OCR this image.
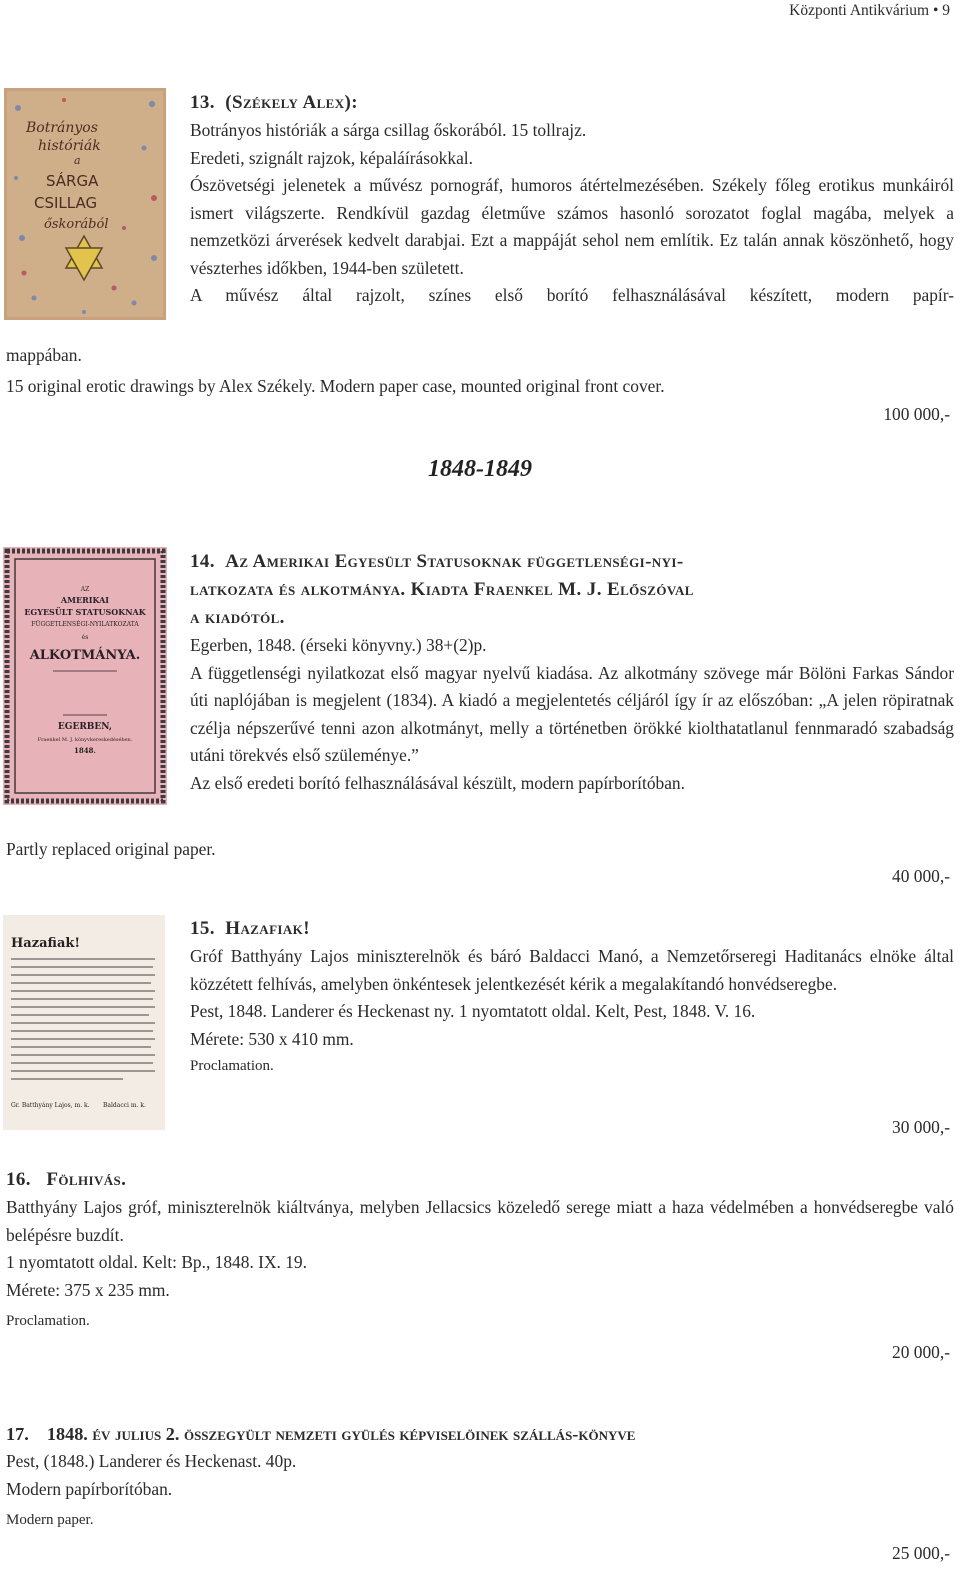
Központi Antikvárium • 9
Botrányos
históriák
a
SÁRGA
CSILLAG
őskorából

13. (Székely Alex):

Botrányos históriák a sárga csillag őskorából. 15 tollrajz.

Eredeti, szignált rajzok, képaláírásokkal.

Ószövetségi jelenetek a művész pornográf, humoros átértelmezésében. Székely főleg erotikus munkáiról ismert világszerte. Rendkívül gazdag életműve számos hasonló sorozatot foglal magába, melyek a nemzetközi árverések kedvelt darabjai. Ezt a mappáját sehol nem említik. Ez talán annak köszönhető, hogy vészterhes időkben, 1944-ben született.

A művész által rajzolt, színes első borító felhasználásával készített, modern papír-

mappában.
15 original erotic drawings by Alex Székely. Modern paper case, mounted original front cover.
100 000,-
1848-1849
AZ
AMERIKAI
EGYESÜLT STATUSOKNAK
FÜGGETLENSÉGI-NYILATKOZATA
és
ALKOTMÁNYA.
EGERBEN,
Fraenkel M. J. könyvkereskedésében.
1848.
14. Az Amerikai Egyesült Statusoknak függetlenségi-nyi-
latkozata és alkotmánya. Kiadta Fraenkel M. J. Előszóval
a kiadótól.

Egerben, 1848. (érseki könyvny.) 38+(2)p.

A függetlenségi nyilatkozat első magyar nyelvű kiadása. Az alkotmány szövege már Bölöni Farkas Sándor úti naplójában is megjelent (1834). A kiadó a megjelentetés céljáról így ír az előszóban: „A jelen röpiratnak czélja népszerűvé tenni azon alkotmányt, melly a történetben örökké kiolthatatlanul fennmaradó szabadság utáni törekvés első szüleménye.”

Az első eredeti borító felhasználásával készült, modern papírborítóban.

Partly replaced original paper.
40 000,-
Hazafiak!
Gr. Batthyány Lajos, m. k. Baldacci m. k.

15. Hazafiak!

Gróf Batthyány Lajos miniszterelnök és báró Baldacci Manó, a Nemzetőrseregi Haditanács elnöke által közzétett felhívás, amelyben önkéntesek jelentkezését kérik a megalakítandó honvédseregbe.

Pest, 1848. Landerer és Heckenast ny. 1 nyomtatott oldal. Kelt, Pest, 1848. V. 16.

Mérete: 530 x 410 mm.

Proclamation.

30 000,-

16. Fölhivás.

Batthyány Lajos gróf, miniszterelnök kiáltványa, melyben Jellacsics közeledő serege miatt a haza védelmében a honvédseregbe való belépésre buzdít.

1 nyomtatott oldal. Kelt: Bp., 1848. IX. 19.

Mérete: 375 x 235 mm.

Proclamation.

20 000,-

17. 1848. év julius 2. összegyült nemzeti gyülés képviselöinek szállás-könyve

Pest, (1848.) Landerer és Heckenast. 40p.

Modern papírborítóban.

Modern paper.

25 000,-
